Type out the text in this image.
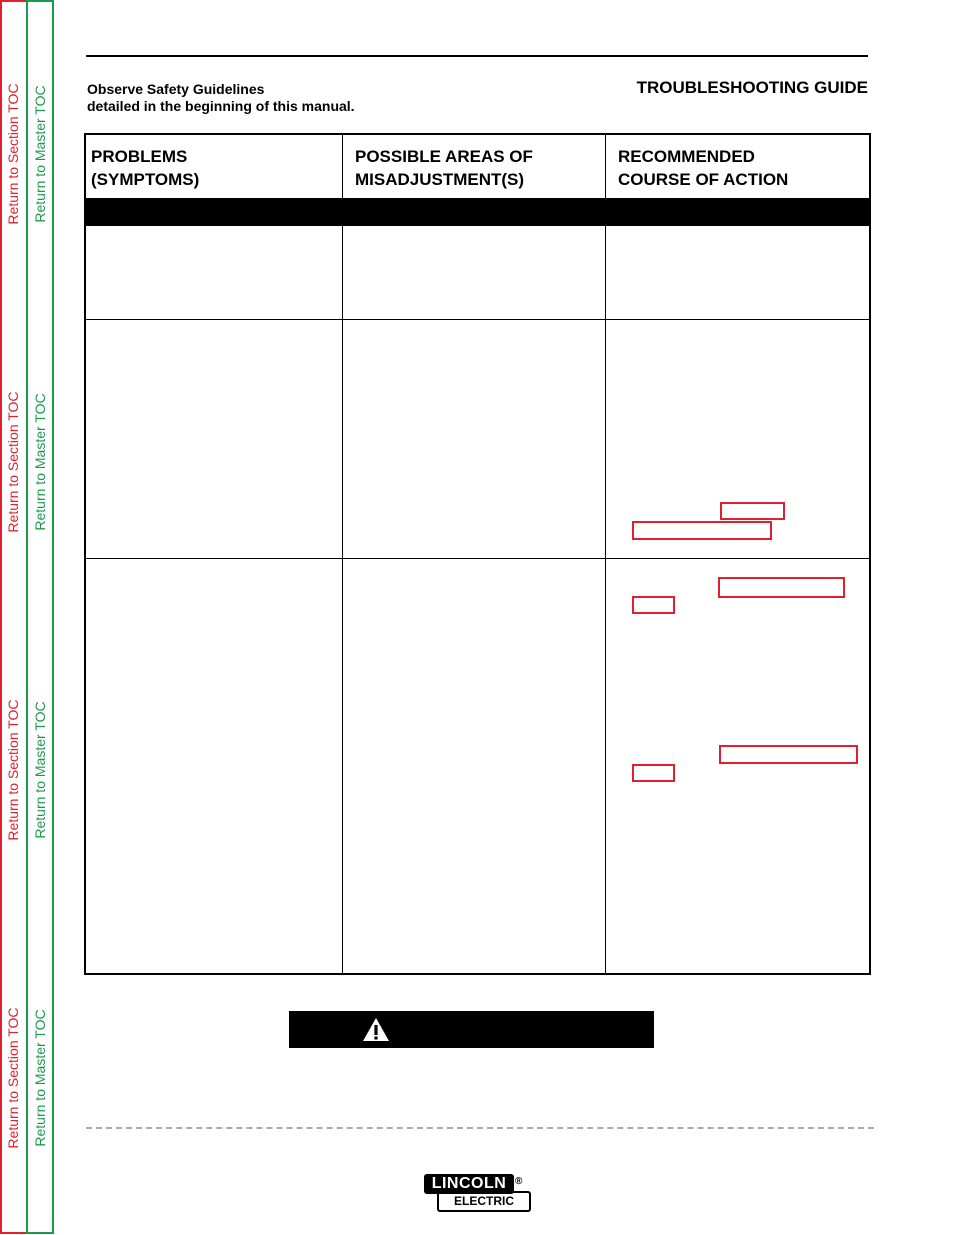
Return to Section TOC Return to Master TOC
Return to Section TOC Return to Master TOC
Return to Section TOC Return to Master TOC
Return to Section TOC Return to Master TOC
Observe Safety Guidelines
detailed in the beginning of this manual.
TROUBLESHOOTING GUIDE
PROBLEMS
(SYMPTOMS)
POSSIBLE AREAS OF
MISADJUSTMENT(S)
RECOMMENDED
COURSE OF ACTION
ELECTRIC
LINCOLN ®
